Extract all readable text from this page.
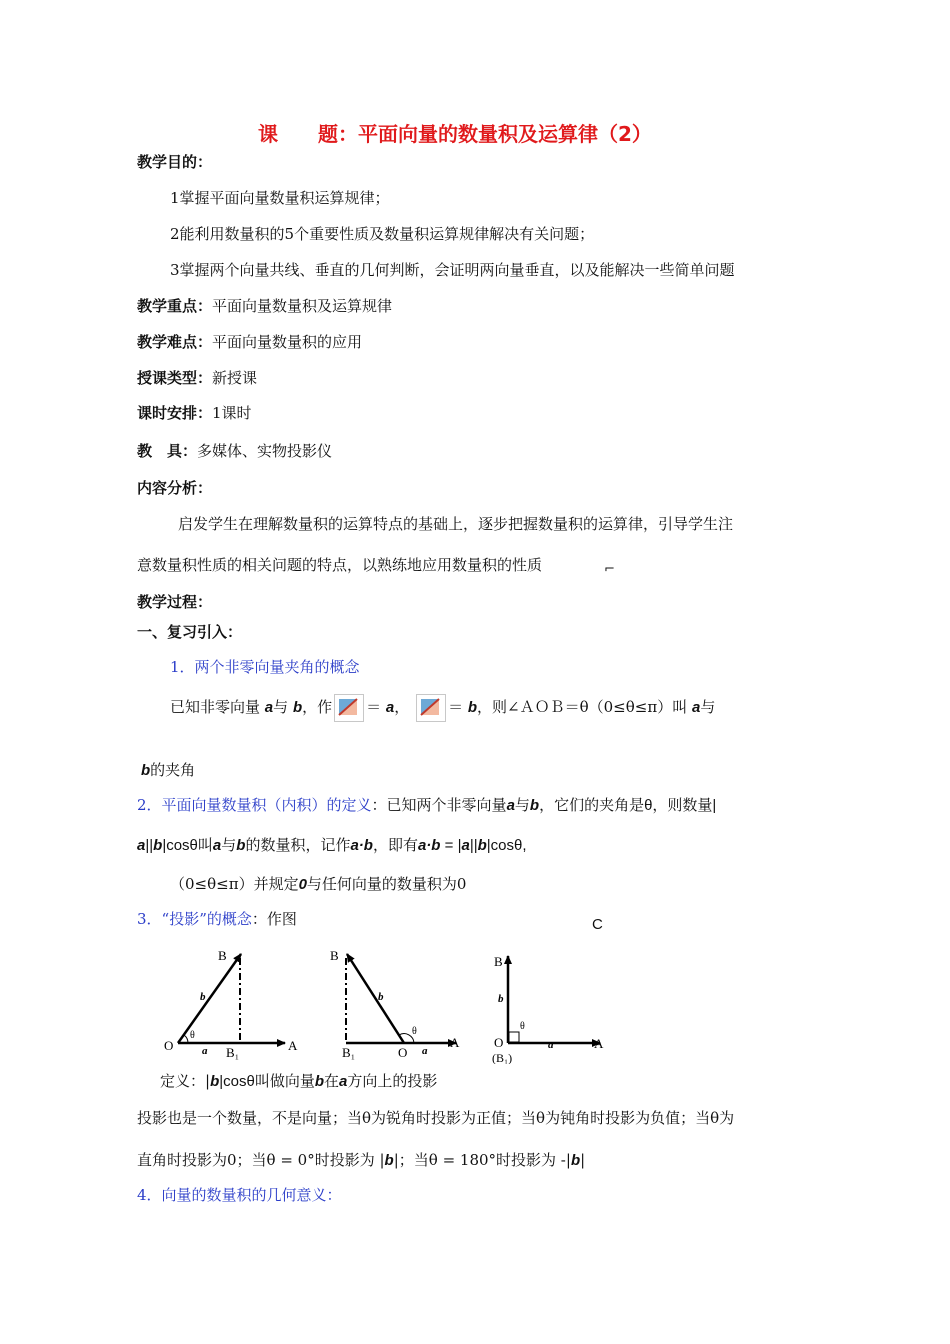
课　　题：平面向量的数量积及运算律（2）
教学目的：
1掌握平面向量数量积运算规律；
2能利用数量积的5个重要性质及数量积运算规律解决有关问题；
3掌握两个向量共线、垂直的几何判断，会证明两向量垂直，以及能解决一些简单问题
教学重点：平面向量数量积及运算规律
教学难点：平面向量数量积的应用
授课类型：新授课
课时安排：1课时
教　具：多媒体、实物投影仪
内容分析：
启发学生在理解数量积的运算特点的基础上，逐步把握数量积的运算律，引导学生注
意数量积性质的相关问题的特点，以熟练地应用数量积的性质	⌐
教学过程：
一、复习引入：
1．两个非零向量夹角的概念
已知非零向量 a与 b，作 ＝ a，	＝ b，则∠ＡＯＢ＝θ（0≤θ≤π）叫 a与
b的夹角
2．平面向量数量积（内积）的定义：已知两个非零向量a与b，它们的夹角是θ，则数量|
a||b|cosθ叫a与b的数量积，记作a·b，即有a·b = |a||b|cosθ,
（0≤θ≤π）并规定0与任何向量的数量积为0
3．“投影”的概念：作图	C
O	A
B
B₁
a
b
θ
B
B₁	O
A
a
b
θ
B
O
(B₁)
A
b
a
θ
定义：|b|cosθ叫做向量b在a方向上的投影
投影也是一个数量，不是向量；当θ为锐角时投影为正值；当θ为钝角时投影为负值；当θ为
直角时投影为0；当θ = 0°时投影为 |b|；当θ = 180°时投影为 -|b|
4．向量的数量积的几何意义：
